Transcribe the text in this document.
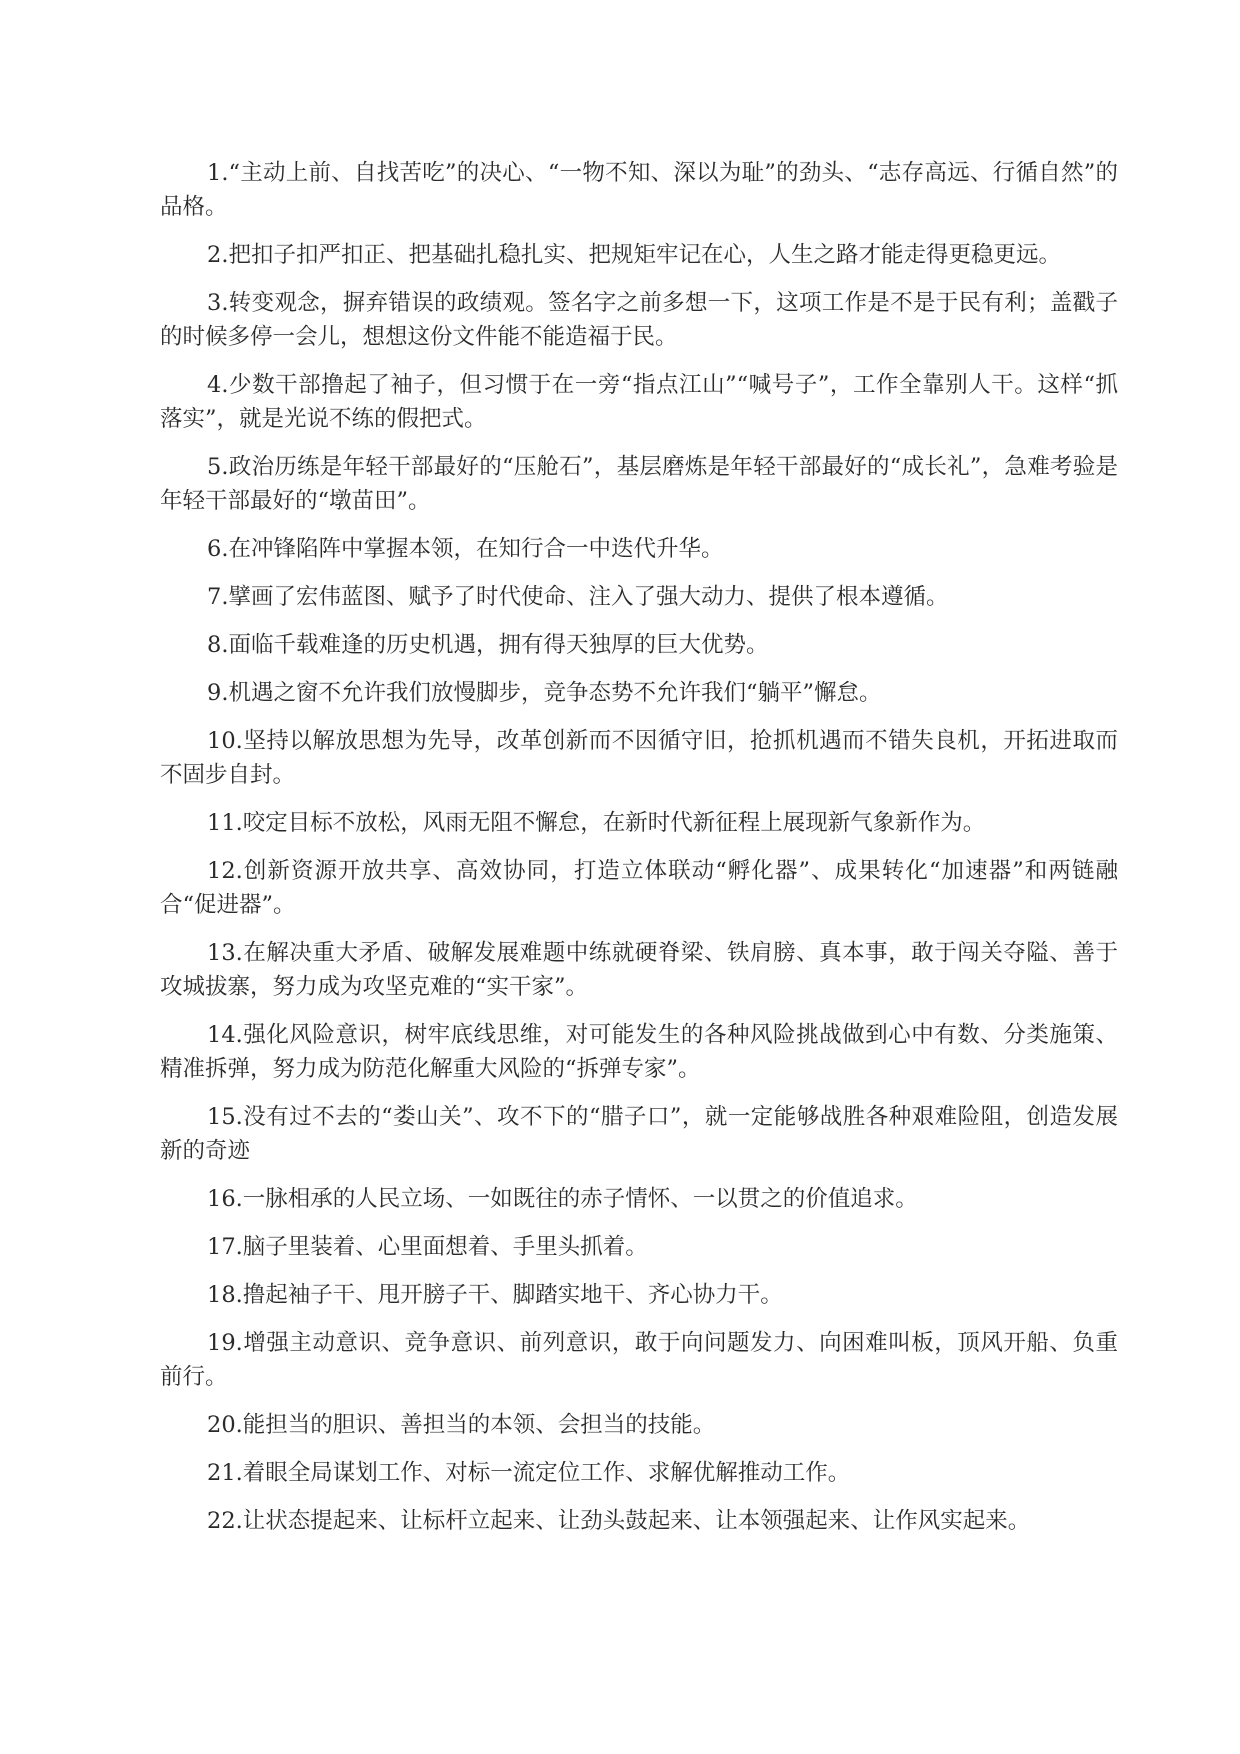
1.“主动上前、自找苦吃”的决心、“一物不知、深以为耻”的劲头、“志存高远、行循自然”的品格。

2.把扣子扣严扣正、把基础扎稳扎实、把规矩牢记在心，人生之路才能走得更稳更远。

3.转变观念，摒弃错误的政绩观。签名字之前多想一下，这项工作是不是于民有利；盖戳子的时候多停一会儿，想想这份文件能不能造福于民。

4.少数干部撸起了袖子，但习惯于在一旁“指点江山”“喊号子”，工作全靠别人干。这样“抓落实”，就是光说不练的假把式。

5.政治历练是年轻干部最好的“压舱石”，基层磨炼是年轻干部最好的“成长礼”，急难考验是年轻干部最好的“墩苗田”。

6.在冲锋陷阵中掌握本领，在知行合一中迭代升华。

7.擘画了宏伟蓝图、赋予了时代使命、注入了强大动力、提供了根本遵循。

8.面临千载难逢的历史机遇，拥有得天独厚的巨大优势。

9.机遇之窗不允许我们放慢脚步，竞争态势不允许我们“躺平”懈怠。

10.坚持以解放思想为先导，改革创新而不因循守旧，抢抓机遇而不错失良机，开拓进取而不固步自封。

11.咬定目标不放松，风雨无阻不懈怠，在新时代新征程上展现新气象新作为。

12.创新资源开放共享、高效协同，打造立体联动“孵化器”、成果转化“加速器”和两链融合“促进器”。

13.在解决重大矛盾、破解发展难题中练就硬脊梁、铁肩膀、真本事，敢于闯关夺隘、善于攻城拔寨，努力成为攻坚克难的“实干家”。

14.强化风险意识，树牢底线思维，对可能发生的各种风险挑战做到心中有数、分类施策、精准拆弹，努力成为防范化解重大风险的“拆弹专家”。

15.没有过不去的“娄山关”、攻不下的“腊子口”，就一定能够战胜各种艰难险阻，创造发展新的奇迹

16.一脉相承的人民立场、一如既往的赤子情怀、一以贯之的价值追求。

17.脑子里装着、心里面想着、手里头抓着。

18.撸起袖子干、甩开膀子干、脚踏实地干、齐心协力干。

19.增强主动意识、竞争意识、前列意识，敢于向问题发力、向困难叫板，顶风开船、负重前行。

20.能担当的胆识、善担当的本领、会担当的技能。

21.着眼全局谋划工作、对标一流定位工作、求解优解推动工作。

22.让状态提起来、让标杆立起来、让劲头鼓起来、让本领强起来、让作风实起来。
